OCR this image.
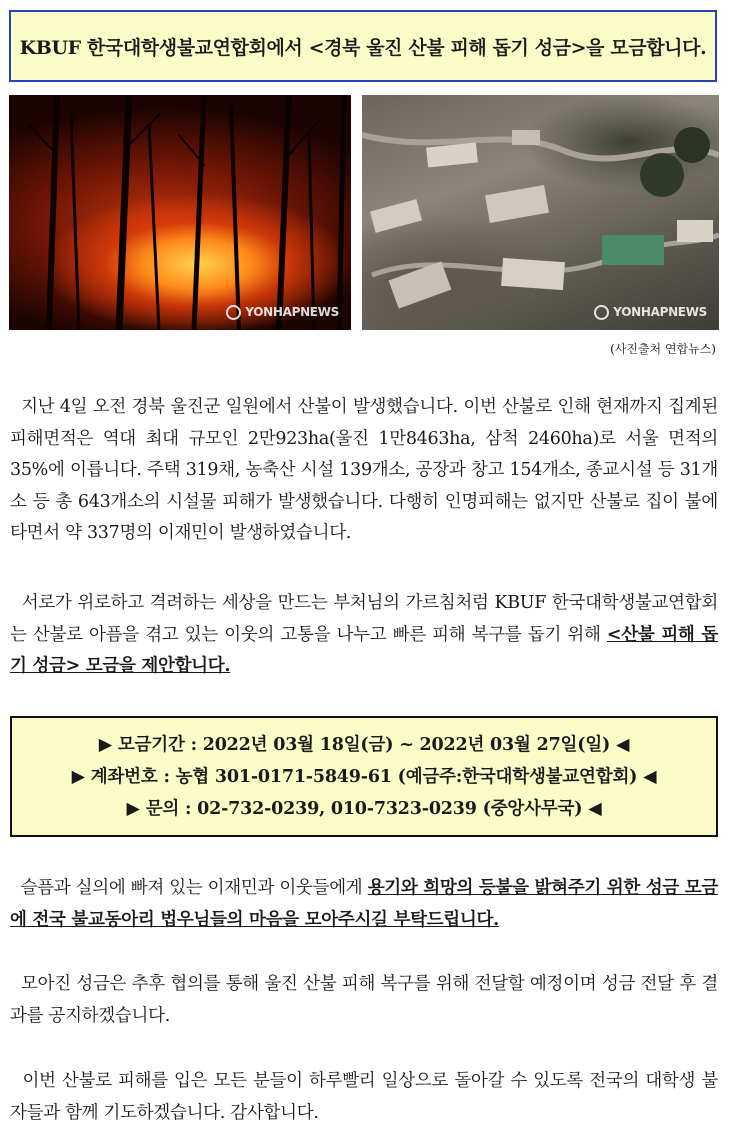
KBUF 한국대학생불교연합회에서 <경북 울진 산불 피해 돕기 성금>을 모금합니다.
YONHAPNEWS	YONHAPNEWS
(사진출처 연합뉴스)

지난 4일 오전 경북 울진군 일원에서 산불이 발생했습니다. 이번 산불로 인해 현재까지 집계된 피해면적은 역대 최대 규모인 2만923ha(울진 1만8463ha, 삼척 2460ha)로 서울 면적의 35%에 이릅니다. 주택 319채, 농축산 시설 139개소, 공장과 창고 154개소, 종교시설 등 31개소 등 총 643개소의 시설물 피해가 발생했습니다. 다행히 인명피해는 없지만 산불로 집이 불에 타면서 약 337명의 이재민이 발생하였습니다.

서로가 위로하고 격려하는 세상을 만드는 부처님의 가르침처럼 KBUF 한국대학생불교연합회는 산불로 아픔을 겪고 있는 이웃의 고통을 나누고 빠른 피해 복구를 돕기 위해 <산불 피해 돕기 성금> 모금을 제안합니다.

▶ 모금기간 : 2022년 03월 18일(금) ~ 2022년 03월 27일(일) ◀
▶ 계좌번호 : 농협 301-0171-5849-61 (예금주:한국대학생불교연합회) ◀
▶ 문의 : 02-732-0239, 010-7323-0239 (중앙사무국) ◀

슬픔과 실의에 빠져 있는 이재민과 이웃들에게 용기와 희망의 등불을 밝혀주기 위한 성금 모금에 전국 불교동아리 법우님들의 마음을 모아주시길 부탁드립니다.

모아진 성금은 추후 협의를 통해 울진 산불 피해 복구를 위해 전달할 예정이며 성금 전달 후 결과를 공지하겠습니다.

이번 산불로 피해를 입은 모든 분들이 하루빨리 일상으로 돌아갈 수 있도록 전국의 대학생 불자들과 함께 기도하겠습니다. 감사합니다.
